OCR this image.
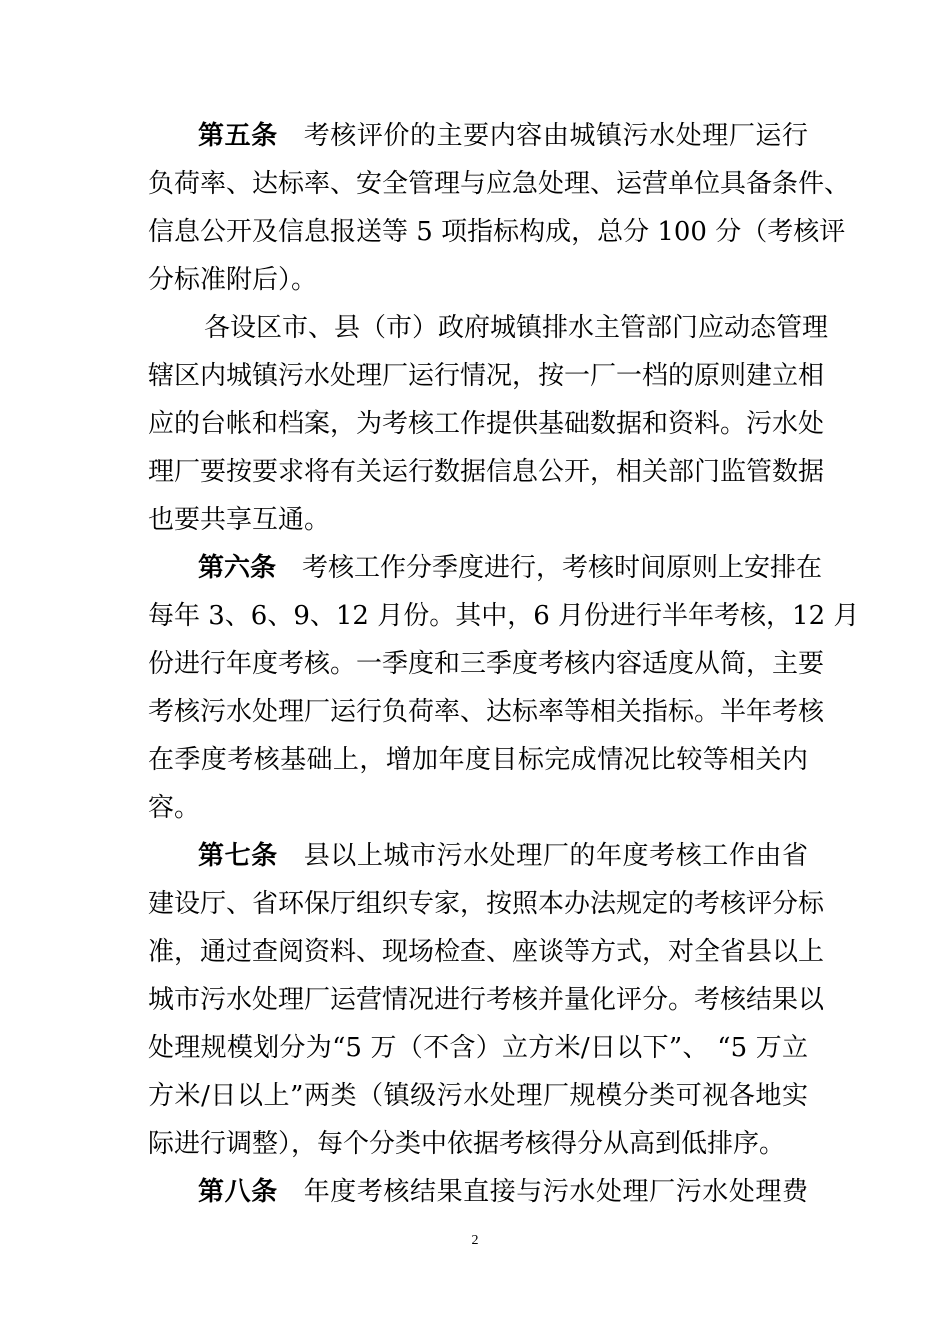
第五条 考核评价的主要内容由城镇污水处理厂运行
负荷率、达标率、安全管理与应急处理、运营单位具备条件、
信息公开及信息报送等 5 项指标构成，总分 100 分（考核评
分标准附后）。
各设区市、县（市）政府城镇排水主管部门应动态管理
辖区内城镇污水处理厂运行情况，按一厂一档的原则建立相
应的台帐和档案，为考核工作提供基础数据和资料。污水处
理厂要按要求将有关运行数据信息公开，相关部门监管数据
也要共享互通。
第六条 考核工作分季度进行，考核时间原则上安排在
每年 3、6、9、12 月份。其中，6 月份进行半年考核，12 月
份进行年度考核。一季度和三季度考核内容适度从简，主要
考核污水处理厂运行负荷率、达标率等相关指标。半年考核
在季度考核基础上，增加年度目标完成情况比较等相关内
容。
第七条 县以上城市污水处理厂的年度考核工作由省
建设厅、省环保厅组织专家，按照本办法规定的考核评分标
准，通过查阅资料、现场检查、座谈等方式，对全省县以上
城市污水处理厂运营情况进行考核并量化评分。考核结果以
处理规模划分为“5 万（不含）立方米/日以下”、 “5 万立
方米/日以上”两类（镇级污水处理厂规模分类可视各地实
际进行调整），每个分类中依据考核得分从高到低排序。
第八条 年度考核结果直接与污水处理厂污水处理费
2
